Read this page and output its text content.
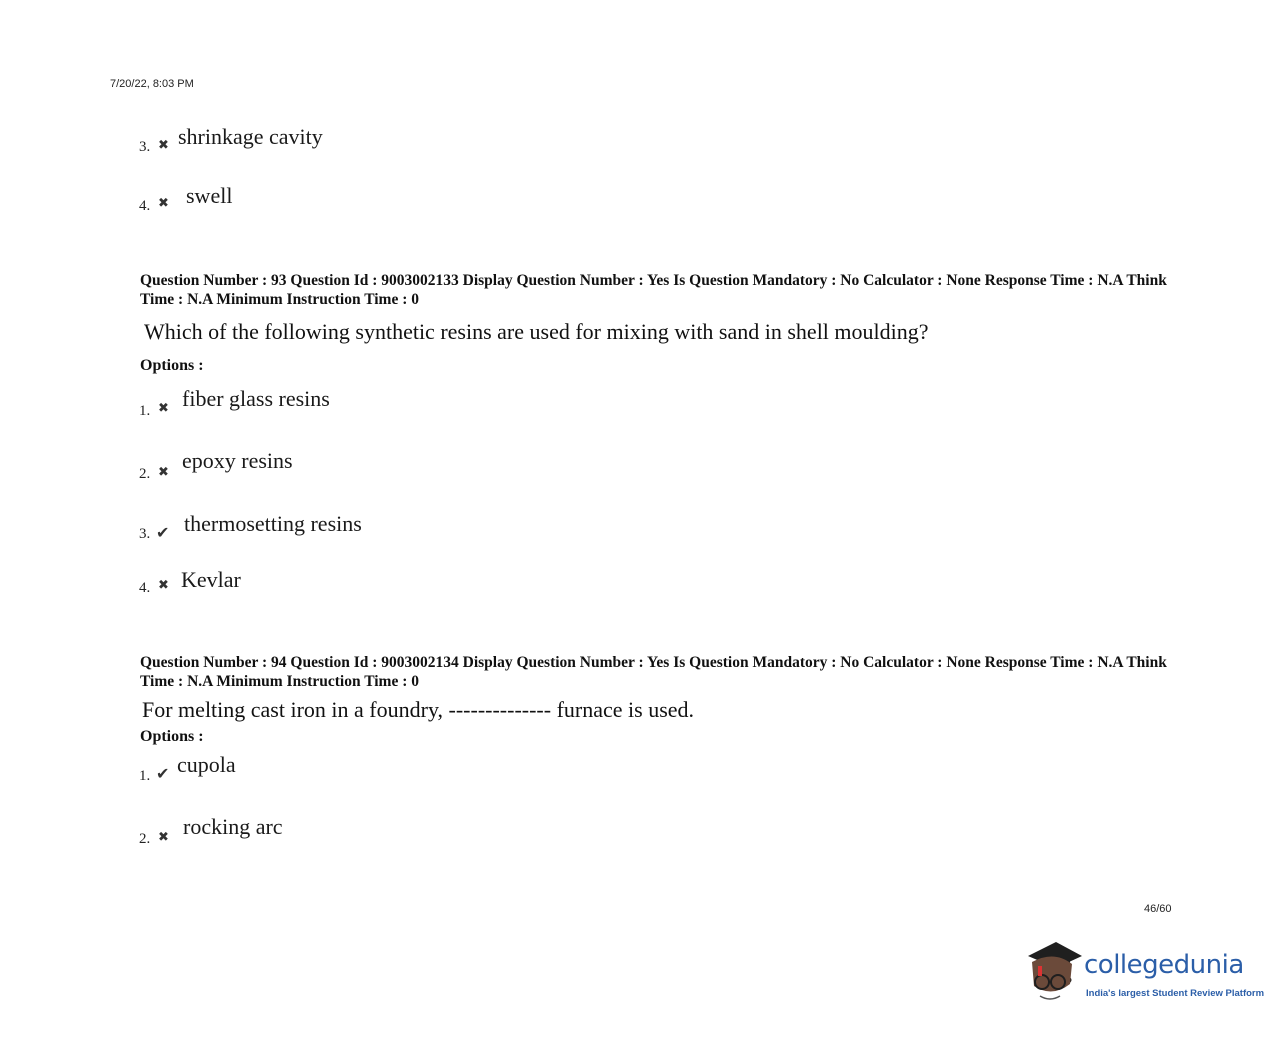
7/20/22, 8:03 PM
3. ✖ shrinkage cavity
4. ✖ swell
Question Number : 93 Question Id : 9003002133 Display Question Number : Yes Is Question Mandatory : No Calculator : None Response Time : N.A Think Time : N.A Minimum Instruction Time : 0
Which of the following synthetic resins are used for mixing with sand in shell moulding?
Options :
1. ✖ fiber glass resins
2. ✖ epoxy resins
3. ✔ thermosetting resins
4. ✖ Kevlar
Question Number : 94 Question Id : 9003002134 Display Question Number : Yes Is Question Mandatory : No Calculator : None Response Time : N.A Think Time : N.A Minimum Instruction Time : 0
For melting cast iron in a foundry, -------------- furnace is used.
Options :
1. ✔ cupola
2. ✖ rocking arc
46/60
collegedunia
India's largest Student Review Platform
